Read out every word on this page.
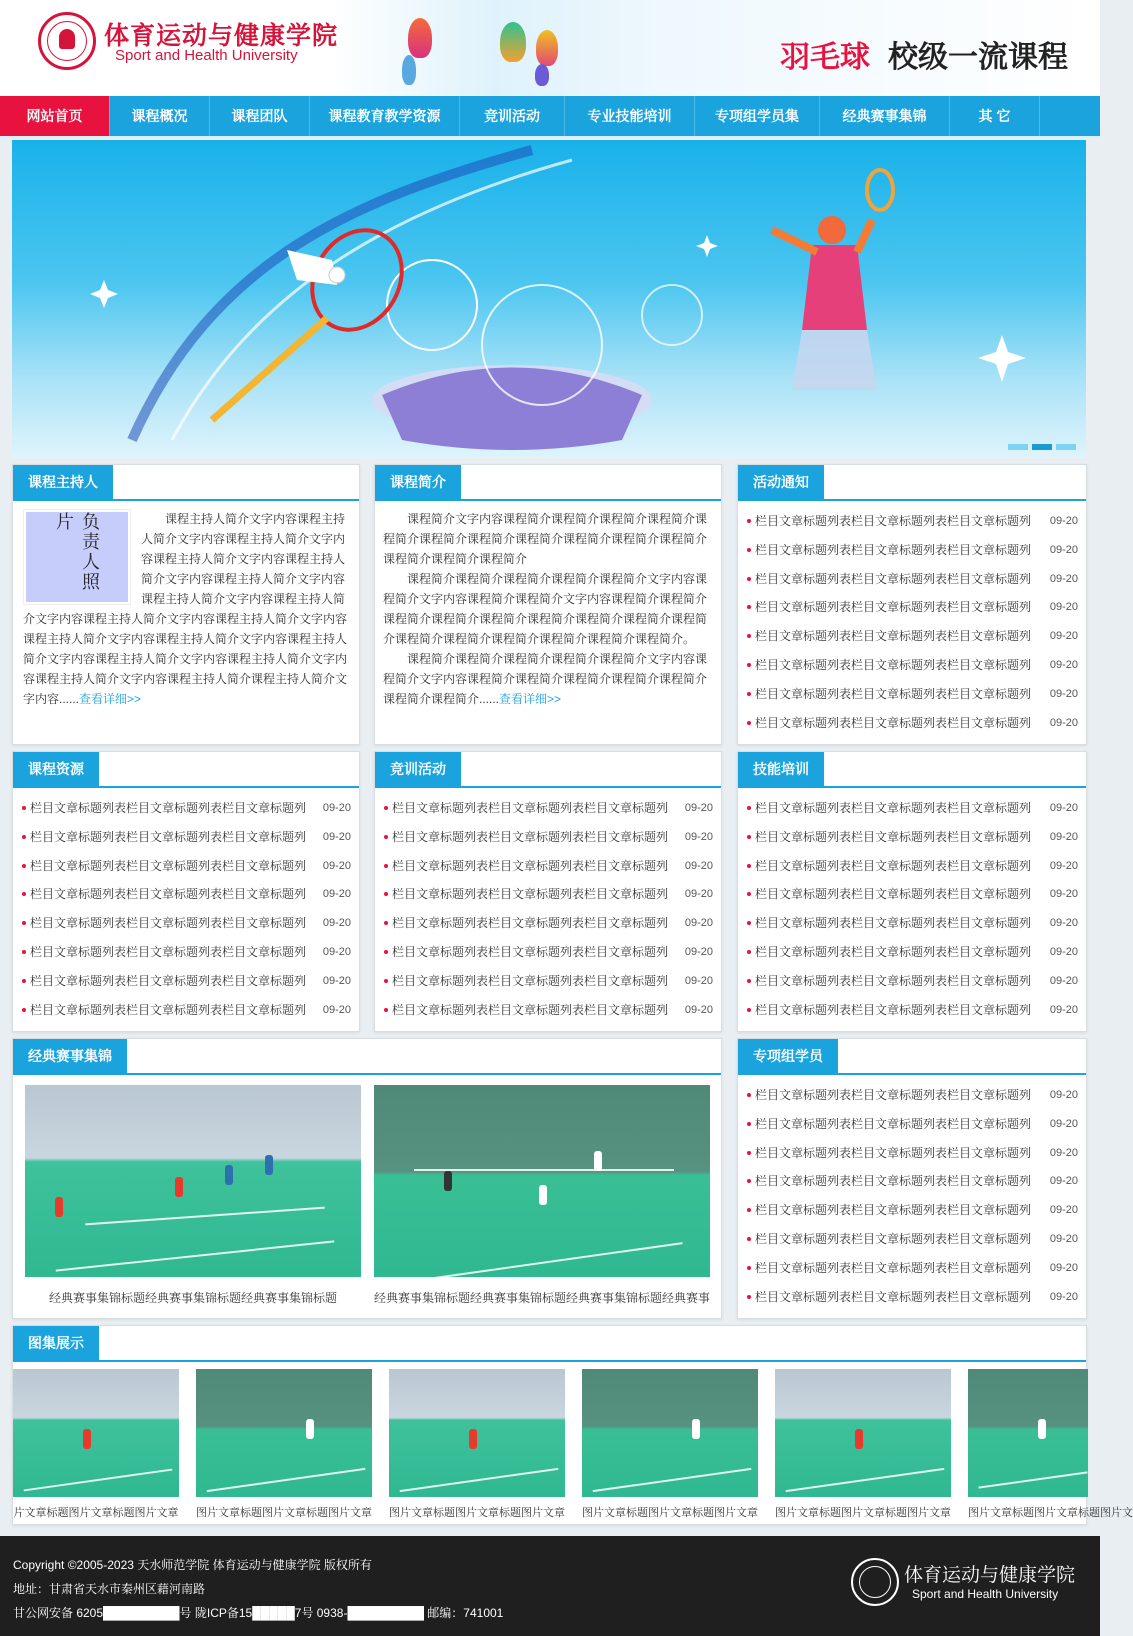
体育运动与健康学院
Sport and Health University	羽毛球 校级一流课程
网站首页	课程概况	课程团队	课程教育教学资源	竞训活动	专业技能培训	专项组学员集	经典赛事集锦	其 它
课程主持人
负责人照片	课程主持人简介文字内容课程主持人简介文字内容课程主持人简介文字内容课程主持人简介文字内容课程主持人简介文字内容课程主持人简介文字内容课程主持人简介文字内容课程主持人简介文字内容课程主持人简介文字内容课程主持人简介文字内容课程主持人简介文字内容课程主持人简介文字内容课程主持人简介文字内容课程主持人简介文字内容课程主持人简介文字内容课程主持人简介文字内容课程主持人简介课程主持人简介文字内容......查看详细>>

课程简介

课程简介文字内容课程简介课程简介课程简介课程简介课程简介课程简介课程简介课程简介课程简介课程简介课程简介课程简介课程简介课程简介

课程简介课程简介课程简介课程简介课程简介文字内容课程简介文字内容课程简介课程简介文字内容课程简介课程简介课程简介课程简介课程简介课程简介课程简介课程简介课程简介课程简介课程简介课程简介课程简介课程简介课程简介。

课程简介课程简介课程简介课程简介课程简介文字内容课程简介文字内容课程简介课程简介课程简介课程简介课程简介课程简介课程简介......查看详细>>

活动通知
栏目文章标题列表栏目文章标题列表栏目文章标题列	09-20
栏目文章标题列表栏目文章标题列表栏目文章标题列	09-20
栏目文章标题列表栏目文章标题列表栏目文章标题列	09-20
栏目文章标题列表栏目文章标题列表栏目文章标题列	09-20
栏目文章标题列表栏目文章标题列表栏目文章标题列	09-20
栏目文章标题列表栏目文章标题列表栏目文章标题列	09-20
栏目文章标题列表栏目文章标题列表栏目文章标题列	09-20
栏目文章标题列表栏目文章标题列表栏目文章标题列	09-20
课程资源
栏目文章标题列表栏目文章标题列表栏目文章标题列	09-20
栏目文章标题列表栏目文章标题列表栏目文章标题列	09-20
栏目文章标题列表栏目文章标题列表栏目文章标题列	09-20
栏目文章标题列表栏目文章标题列表栏目文章标题列	09-20
栏目文章标题列表栏目文章标题列表栏目文章标题列	09-20
栏目文章标题列表栏目文章标题列表栏目文章标题列	09-20
栏目文章标题列表栏目文章标题列表栏目文章标题列	09-20
栏目文章标题列表栏目文章标题列表栏目文章标题列	09-20
竞训活动
栏目文章标题列表栏目文章标题列表栏目文章标题列	09-20
栏目文章标题列表栏目文章标题列表栏目文章标题列	09-20
栏目文章标题列表栏目文章标题列表栏目文章标题列	09-20
栏目文章标题列表栏目文章标题列表栏目文章标题列	09-20
栏目文章标题列表栏目文章标题列表栏目文章标题列	09-20
栏目文章标题列表栏目文章标题列表栏目文章标题列	09-20
栏目文章标题列表栏目文章标题列表栏目文章标题列	09-20
栏目文章标题列表栏目文章标题列表栏目文章标题列	09-20
技能培训
栏目文章标题列表栏目文章标题列表栏目文章标题列	09-20
栏目文章标题列表栏目文章标题列表栏目文章标题列	09-20
栏目文章标题列表栏目文章标题列表栏目文章标题列	09-20
栏目文章标题列表栏目文章标题列表栏目文章标题列	09-20
栏目文章标题列表栏目文章标题列表栏目文章标题列	09-20
栏目文章标题列表栏目文章标题列表栏目文章标题列	09-20
栏目文章标题列表栏目文章标题列表栏目文章标题列	09-20
栏目文章标题列表栏目文章标题列表栏目文章标题列	09-20
经典赛事集锦
经典赛事集锦标题经典赛事集锦标题经典赛事集锦标题	经典赛事集锦标题经典赛事集锦标题经典赛事集锦标题经典赛事
专项组学员
栏目文章标题列表栏目文章标题列表栏目文章标题列	09-20
栏目文章标题列表栏目文章标题列表栏目文章标题列	09-20
栏目文章标题列表栏目文章标题列表栏目文章标题列	09-20
栏目文章标题列表栏目文章标题列表栏目文章标题列	09-20
栏目文章标题列表栏目文章标题列表栏目文章标题列	09-20
栏目文章标题列表栏目文章标题列表栏目文章标题列	09-20
栏目文章标题列表栏目文章标题列表栏目文章标题列	09-20
栏目文章标题列表栏目文章标题列表栏目文章标题列	09-20
图集展示
片文章标题图片文章标题图片文章 图片文章标题图片文章标题图片文章 图片文章标题图片文章标题图片文章 图片文章标题图片文章标题图片文章 图片文章标题图片文章标题图片文章 图片文章标题图片文章标题图片文

Copyright ©2005-2023 天水师范学院 体育运动与健康学院 版权所有

地址：甘肃省天水市秦州区藉河南路

甘公网安备 6205█████████号 陇ICP备15█████7号 0938-█████████ 邮编：741001

体育运动与健康学院
Sport and Health University
